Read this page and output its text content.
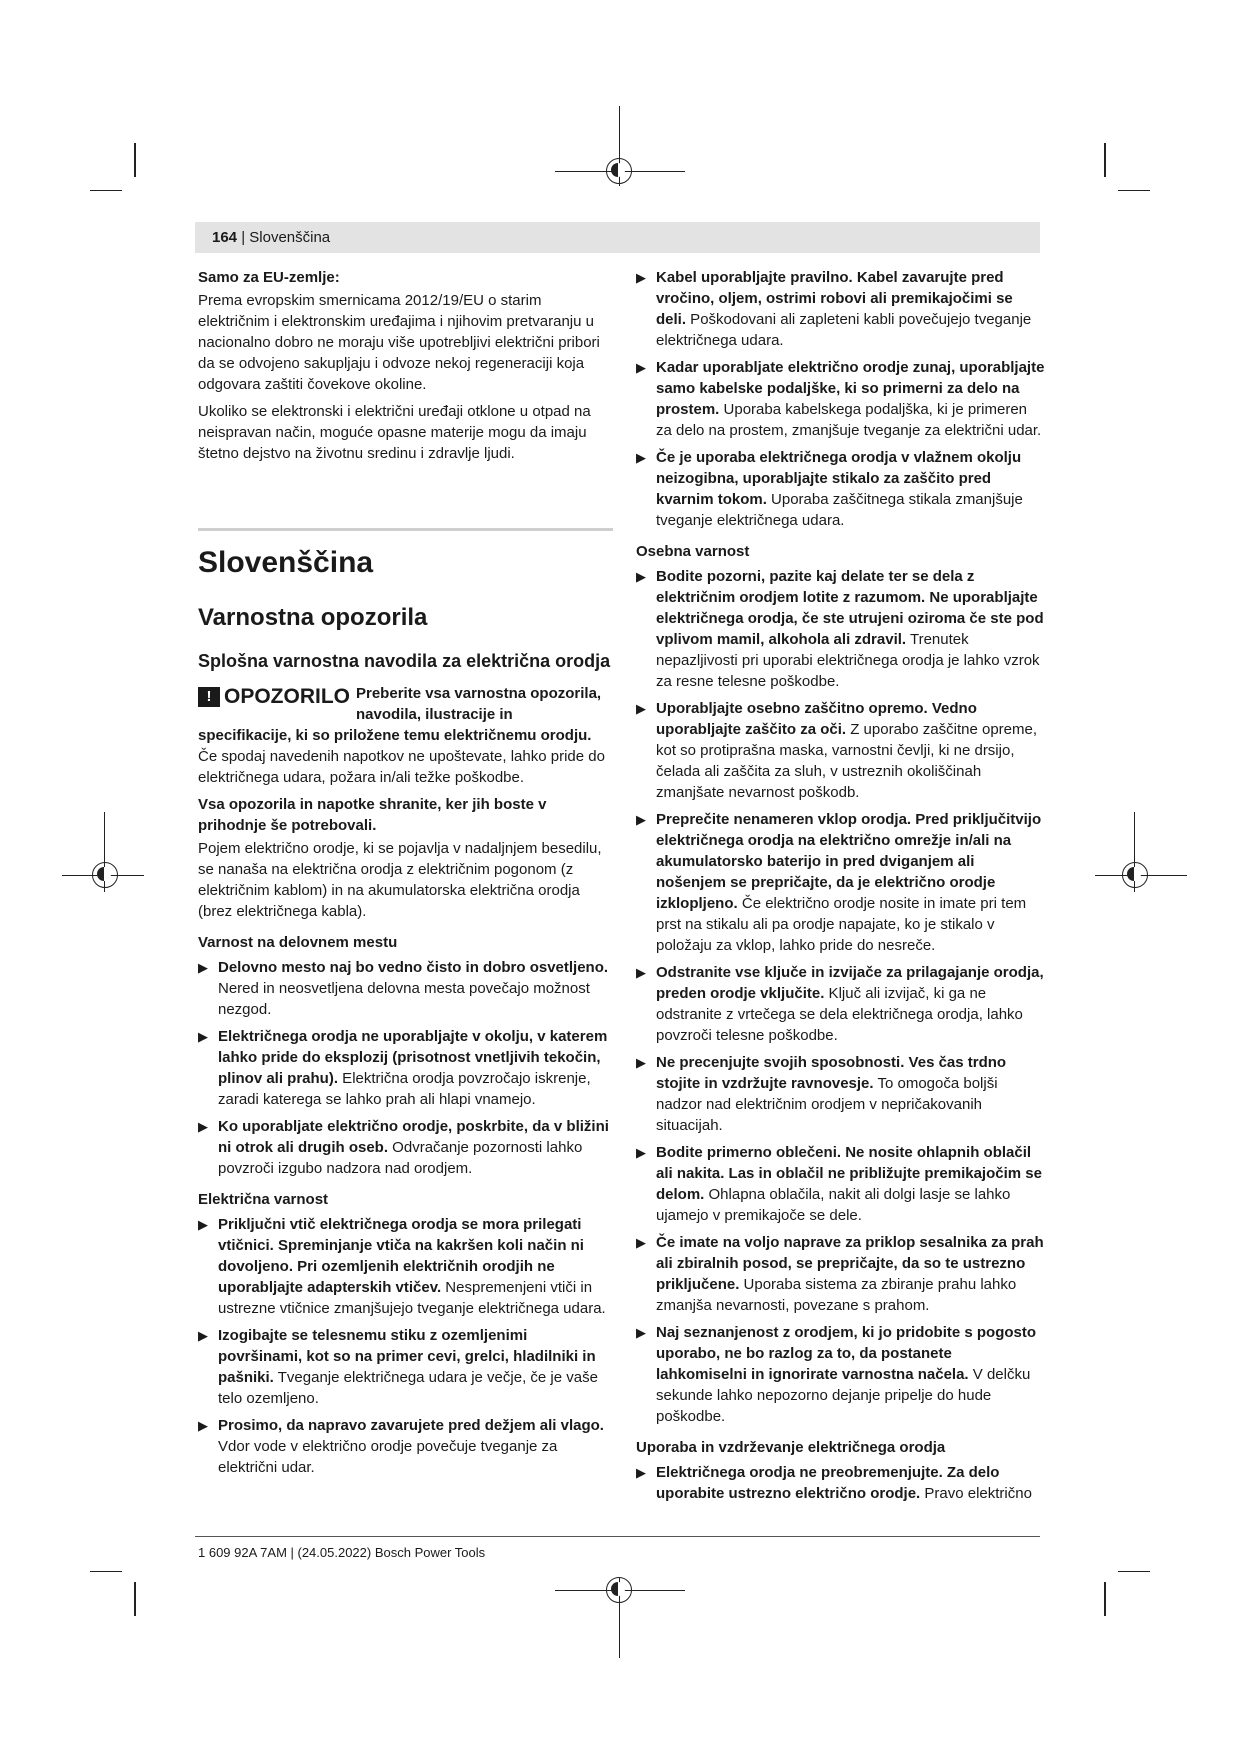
164 | Slovenščina
Samo za EU-zemlje:

Prema evropskim smernicama 2012/19/EU o starim električnim i elektronskim uređajima i njihovim pretvaranju u nacionalno dobro ne moraju više upotrebljivi električni pribori da se odvojeno sakupljaju i odvoze nekoj regeneraciji koja odgovara zaštiti čovekove okoline.

Ukoliko se elektronski i električni uređaji otklone u otpad na neispravan način, moguće opasne materije mogu da imaju štetno dejstvo na životnu sredinu i zdravlje ljudi.

Slovenščina
Varnostna opozorila
Splošna varnostna navodila za električna orodja
!
OPOZORILO Preberite vsa varnostna opozorila, navodila, ilustracije in
specifikacije, ki so priložene temu električnemu orodju.

Če spodaj navedenih napotkov ne upoštevate, lahko pride do električnega udara, požara in/ali težke poškodbe.

Vsa opozorila in napotke shranite, ker jih boste v prihodnje še potrebovali.

Pojem električno orodje, ki se pojavlja v nadaljnjem besedilu, se nanaša na električna orodja z električnim pogonom (z električnim kablom) in na akumulatorska električna orodja (brez električnega kabla).

Varnost na delovnem mestu
▶ Delovno mesto naj bo vedno čisto in dobro osvetljeno. Nered in neosvetljena delovna mesta povečajo možnost nezgod.
▶ Električnega orodja ne uporabljajte v okolju, v katerem lahko pride do eksplozij (prisotnost vnetljivih tekočin, plinov ali prahu). Električna orodja povzročajo iskrenje, zaradi katerega se lahko prah ali hlapi vnamejo.
▶ Ko uporabljate električno orodje, poskrbite, da v bližini ni otrok ali drugih oseb. Odvračanje pozornosti lahko povzroči izgubo nadzora nad orodjem.
Električna varnost
▶ Priključni vtič električnega orodja se mora prilegati vtičnici. Spreminjanje vtiča na kakršen koli način ni dovoljeno. Pri ozemljenih električnih orodjih ne uporabljajte adapterskih vtičev. Nespremenjeni vtiči in ustrezne vtičnice zmanjšujejo tveganje električnega udara.
▶ Izogibajte se telesnemu stiku z ozemljenimi površinami, kot so na primer cevi, grelci, hladilniki in pašniki. Tveganje električnega udara je večje, če je vaše telo ozemljeno.
▶ Prosimo, da napravo zavarujete pred dežjem ali vlago. Vdor vode v električno orodje povečuje tveganje za električni udar.
▶ Kabel uporabljajte pravilno. Kabel zavarujte pred vročino, oljem, ostrimi robovi ali premikajočimi se deli. Poškodovani ali zapleteni kabli povečujejo tveganje električnega udara.
▶ Kadar uporabljate električno orodje zunaj, uporabljajte samo kabelske podaljške, ki so primerni za delo na prostem. Uporaba kabelskega podaljška, ki je primeren za delo na prostem, zmanjšuje tveganje za električni udar.
▶ Če je uporaba električnega orodja v vlažnem okolju neizogibna, uporabljajte stikalo za zaščito pred kvarnim tokom. Uporaba zaščitnega stikala zmanjšuje tveganje električnega udara.
Osebna varnost
▶ Bodite pozorni, pazite kaj delate ter se dela z električnim orodjem lotite z razumom. Ne uporabljajte električnega orodja, če ste utrujeni oziroma če ste pod vplivom mamil, alkohola ali zdravil. Trenutek nepazljivosti pri uporabi električnega orodja je lahko vzrok za resne telesne poškodbe.
▶ Uporabljajte osebno zaščitno opremo. Vedno uporabljajte zaščito za oči. Z uporabo zaščitne opreme, kot so protiprašna maska, varnostni čevlji, ki ne drsijo, čelada ali zaščita za sluh, v ustreznih okoliščinah zmanjšate nevarnost poškodb.
▶ Preprečite nenameren vklop orodja. Pred priključitvijo električnega orodja na električno omrežje in/ali na akumulatorsko baterijo in pred dviganjem ali nošenjem se prepričajte, da je električno orodje izklopljeno. Če električno orodje nosite in imate pri tem prst na stikalu ali pa orodje napajate, ko je stikalo v položaju za vklop, lahko pride do nesreče.
▶ Odstranite vse ključe in izvijače za prilagajanje orodja, preden orodje vključite. Ključ ali izvijač, ki ga ne odstranite z vrtečega se dela električnega orodja, lahko povzroči telesne poškodbe.
▶ Ne precenjujte svojih sposobnosti. Ves čas trdno stojite in vzdržujte ravnovesje. To omogoča boljši nadzor nad električnim orodjem v nepričakovanih situacijah.
▶ Bodite primerno oblečeni. Ne nosite ohlapnih oblačil ali nakita. Las in oblačil ne približujte premikajočim se delom. Ohlapna oblačila, nakit ali dolgi lasje se lahko ujamejo v premikajoče se dele.
▶ Če imate na voljo naprave za priklop sesalnika za prah ali zbiralnih posod, se prepričajte, da so te ustrezno priključene. Uporaba sistema za zbiranje prahu lahko zmanjša nevarnosti, povezane s prahom.
▶ Naj seznanjenost z orodjem, ki jo pridobite s pogosto uporabo, ne bo razlog za to, da postanete lahkomiselni in ignorirate varnostna načela. V delčku sekunde lahko nepozorno dejanje pripelje do hude poškodbe.
Uporaba in vzdrževanje električnega orodja
▶ Električnega orodja ne preobremenjujte. Za delo uporabite ustrezno električno orodje. Pravo električno
1 609 92A 7AM | (24.05.2022) Bosch Power Tools
